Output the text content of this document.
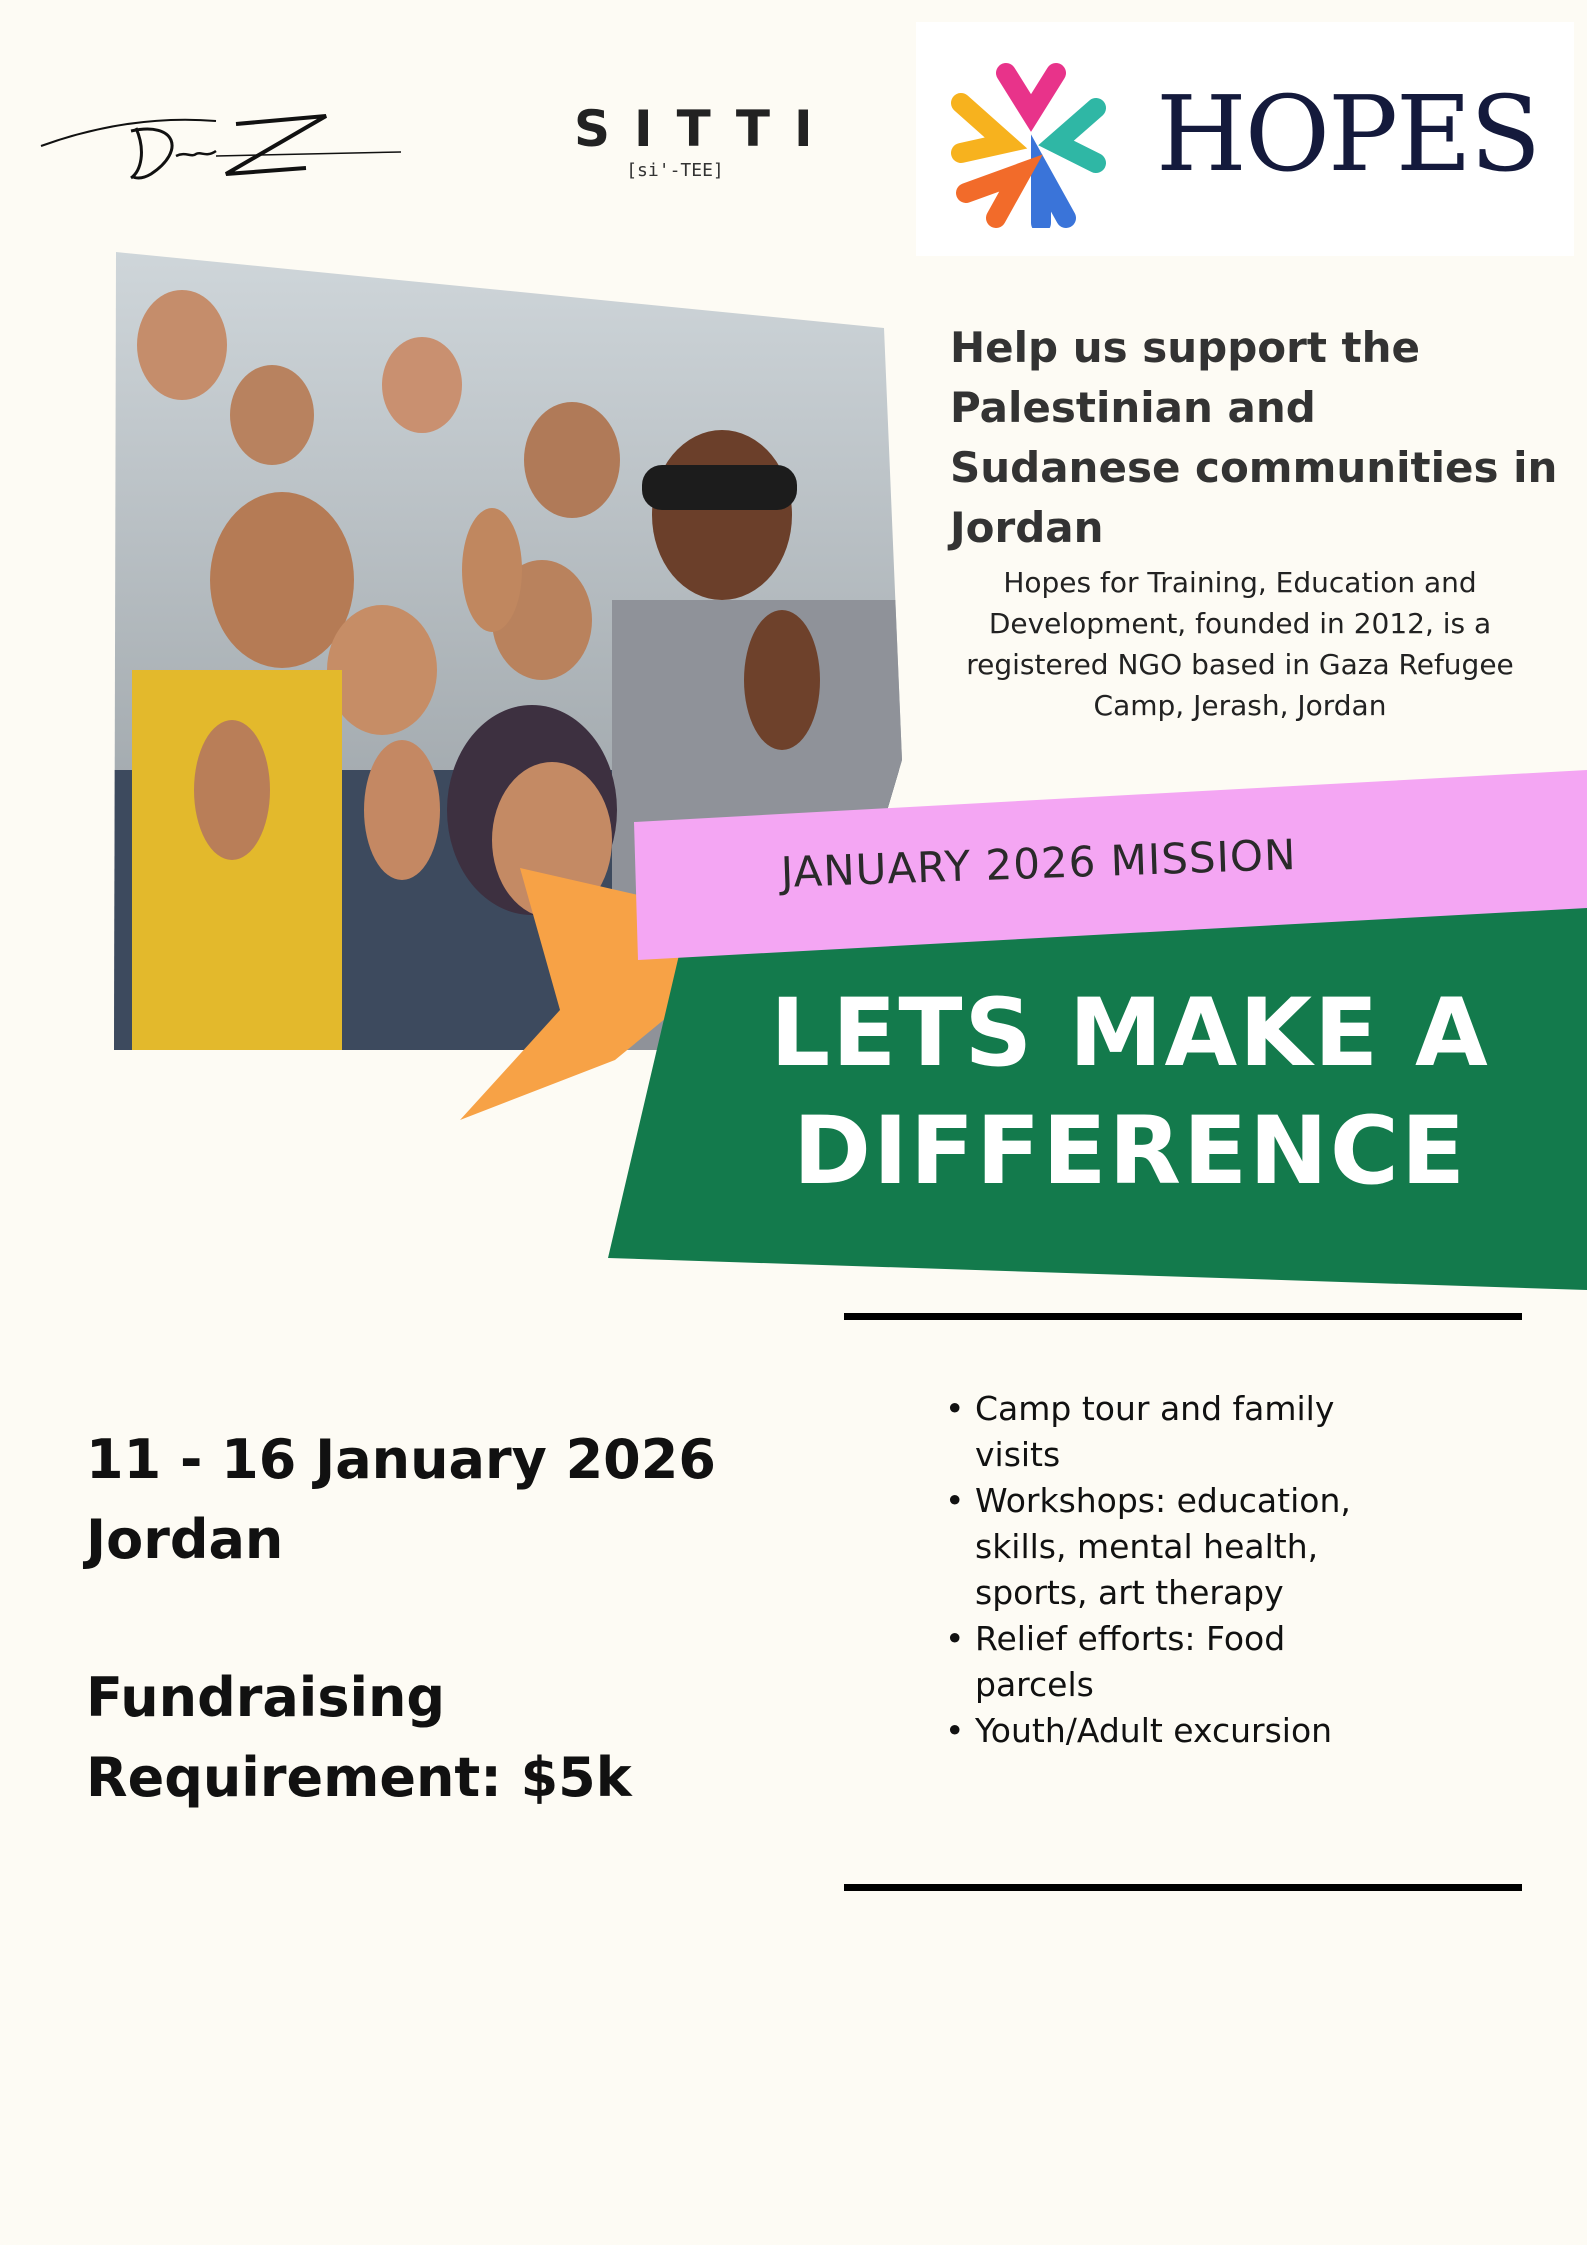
SITTI
[si'-TEE]	HOPES
Help us support the Palestinian and Sudanese communities in Jordan
Hopes for Training, Education and Development, founded in 2012, is a registered NGO based in Gaza Refugee Camp, Jerash, Jordan
JANUARY 2026 MISSION
LETS MAKE A
DIFFERENCE
11 - 16 January 2026
Jordan
Fundraising
Requirement: $5k
• Camp tour and family visits
• Workshops: education, skills, mental health, sports, art therapy
• Relief efforts: Food parcels
• Youth/Adult excursion
